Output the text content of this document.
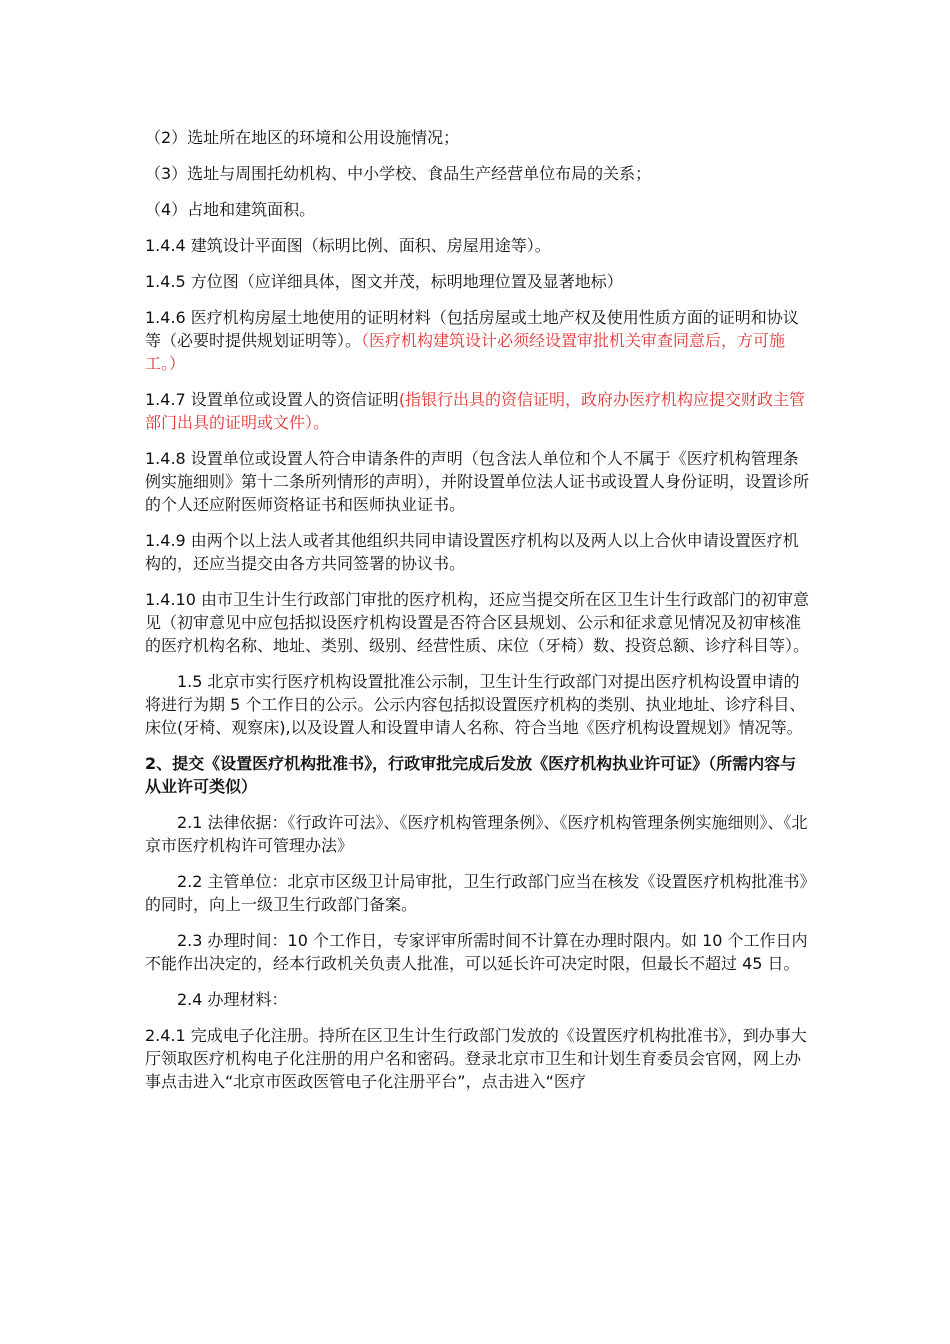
（2）选址所在地区的环境和公用设施情况；

（3）选址与周围托幼机构、中小学校、食品生产经营单位布局的关系；

（4）占地和建筑面积。

1.4.4 建筑设计平面图（标明比例、面积、房屋用途等）。

1.4.5 方位图（应详细具体，图文并茂，标明地理位置及显著地标）

1.4.6 医疗机构房屋土地使用的证明材料（包括房屋或土地产权及使用性质方面的证明和协议等（必要时提供规划证明等）。（医疗机构建筑设计必须经设置审批机关审查同意后，方可施工。）

1.4.7 设置单位或设置人的资信证明(指银行出具的资信证明，政府办医疗机构应提交财政主管部门出具的证明或文件）。

1.4.8 设置单位或设置人符合申请条件的声明（包含法人单位和个人不属于《医疗机构管理条例实施细则》第十二条所列情形的声明），并附设置单位法人证书或设置人身份证明，设置诊所的个人还应附医师资格证书和医师执业证书。

1.4.9 由两个以上法人或者其他组织共同申请设置医疗机构以及两人以上合伙申请设置医疗机构的，还应当提交由各方共同签署的协议书。

1.4.10 由市卫生计生行政部门审批的医疗机构，还应当提交所在区卫生计生行政部门的初审意见（初审意见中应包括拟设医疗机构设置是否符合区县规划、公示和征求意见情况及初审核准的医疗机构名称、地址、类别、级别、经营性质、床位（牙椅）数、投资总额、诊疗科目等）。

1.5 北京市实行医疗机构设置批准公示制，卫生计生行政部门对提出医疗机构设置申请的将进行为期 5 个工作日的公示。公示内容包括拟设置医疗机构的类别、执业地址、诊疗科目、床位(牙椅、观察床),以及设置人和设置申请人名称、符合当地《医疗机构设置规划》情况等。

2、提交《设置医疗机构批准书》，行政审批完成后发放《医疗机构执业许可证》（所需内容与从业许可类似）

2.1 法律依据：《行政许可法》、《医疗机构管理条例》、《医疗机构管理条例实施细则》、《北京市医疗机构许可管理办法》

2.2 主管单位：北京市区级卫计局审批，卫生行政部门应当在核发《设置医疗机构批准书》的同时，向上一级卫生行政部门备案。

2.3 办理时间：10 个工作日，专家评审所需时间不计算在办理时限内。如 10 个工作日内不能作出决定的，经本行政机关负责人批准，可以延长许可决定时限，但最长不超过 45 日。

2.4 办理材料：

2.4.1 完成电子化注册。持所在区卫生计生行政部门发放的《设置医疗机构批准书》，到办事大厅领取医疗机构电子化注册的用户名和密码。登录北京市卫生和计划生育委员会官网，网上办事点击进入“北京市医政医管电子化注册平台”，点击进入“医疗
